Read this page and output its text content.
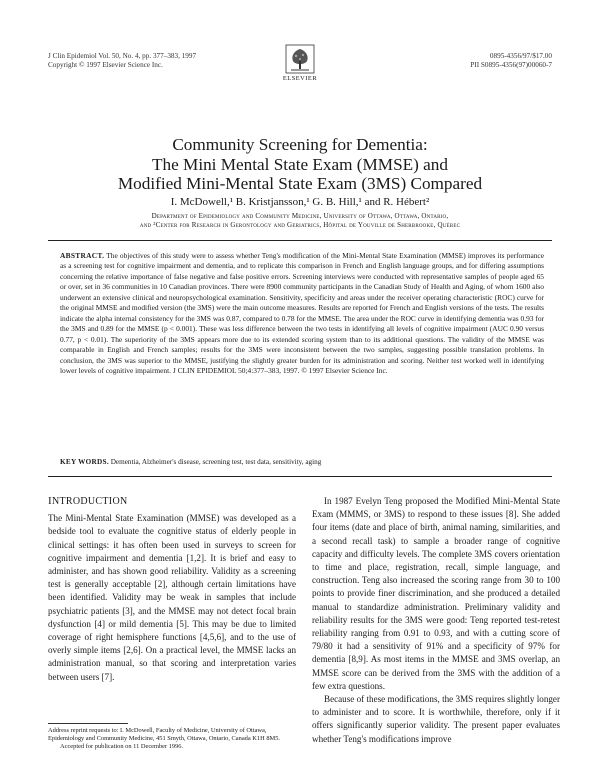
J Clin Epidemiol Vol. 50, No. 4, pp. 377–383, 1997
Copyright © 1997 Elsevier Science Inc.
ELSEVIER
0895-4356/97/$17.00
PII S0895-4356(97)00060-7
Community Screening for Dementia:
The Mini Mental State Exam (MMSE) and
Modified Mini-Mental State Exam (3MS) Compared
I. McDowell,¹ B. Kristjansson,¹ G. B. Hill,¹ and R. Hébert²
Department of Epidemiology and Community Medicine, University of Ottawa, Ottawa, Ontario,
and ²Center for Research in Gerontology and Geriatrics, Hôpital de Youville de Sherbrooke, Québec
ABSTRACT. The objectives of this study were to assess whether Teng's modification of the Mini-Mental State Examination (MMSE) improves its performance as a screening test for cognitive impairment and dementia, and to replicate this comparison in French and English language groups, and for differing assumptions concerning the relative importance of false negative and false positive errors. Screening interviews were conducted with representative samples of people aged 65 or over, set in 36 communities in 10 Canadian provinces. There were 8900 community participants in the Canadian Study of Health and Aging, of whom 1600 also underwent an extensive clinical and neuropsychological examination. Sensitivity, specificity and areas under the receiver operating characteristic (ROC) curve for the original MMSE and modified version (the 3MS) were the main outcome measures. Results are reported for French and English versions of the tests. The results indicate the alpha internal consistency for the 3MS was 0.87, compared to 0.78 for the MMSE. The area under the ROC curve in identifying dementia was 0.93 for the 3MS and 0.89 for the MMSE (p < 0.001). These was less difference between the two tests in identifying all levels of cognitive impairment (AUC 0.90 versus 0.77, p < 0.01). The superiority of the 3MS appears more due to its extended scoring system than to its additional questions. The validity of the MMSE was comparable in English and French samples; results for the 3MS were inconsistent between the two samples, suggesting possible translation problems. In conclusion, the 3MS was superior to the MMSE, justifying the slightly greater burden for its administration and scoring. Neither test worked well in identifying lower levels of cognitive impairment. J CLIN EPIDEMIOL 50;4:377–383, 1997. © 1997 Elsevier Science Inc.
KEY WORDS. Dementia, Alzheimer's disease, screening test, test data, sensitivity, aging
INTRODUCTION

The Mini-Mental State Examination (MMSE) was developed as a bedside tool to evaluate the cognitive status of elderly people in clinical settings: it has often been used in surveys to screen for cognitive impairment and dementia [1,2]. It is brief and easy to administer, and has shown good reliability. Validity as a screening test is generally acceptable [2], although certain limitations have been identified. Validity may be weak in samples that include psychiatric patients [3], and the MMSE may not detect focal brain dysfunction [4] or mild dementia [5]. This may be due to limited coverage of right hemisphere functions [4,5,6], and to the use of overly simple items [2,6]. On a practical level, the MMSE lacks an administration manual, so that scoring and interpretation varies between users [7].

Address reprint requests to: I. McDowell, Faculty of Medicine, University of Ottawa, Epidemiology and Community Medicine, 451 Smyth, Ottawa, Ontario, Canada K1H 8M5.
Accepted for publication on 11 December 1996.

In 1987 Evelyn Teng proposed the Modified Mini-Mental State Exam (MMMS, or 3MS) to respond to these issues [8]. She added four items (date and place of birth, animal naming, similarities, and a second recall task) to sample a broader range of cognitive capacity and difficulty levels. The complete 3MS covers orientation to time and place, registration, recall, simple language, and construction. Teng also increased the scoring range from 30 to 100 points to provide finer discrimination, and she produced a detailed manual to standardize administration. Preliminary validity and reliability results for the 3MS were good: Teng reported test-retest reliability ranging from 0.91 to 0.93, and with a cutting score of 79/80 it had a sensitivity of 91% and a specificity of 97% for dementia [8,9]. As most items in the MMSE and 3MS overlap, an MMSE score can be derived from the 3MS with the addition of a few extra questions.

Because of these modifications, the 3MS requires slightly longer to administer and to score. It is worthwhile, therefore, only if it offers significantly superior validity. The present paper evaluates whether Teng's modifications improve
